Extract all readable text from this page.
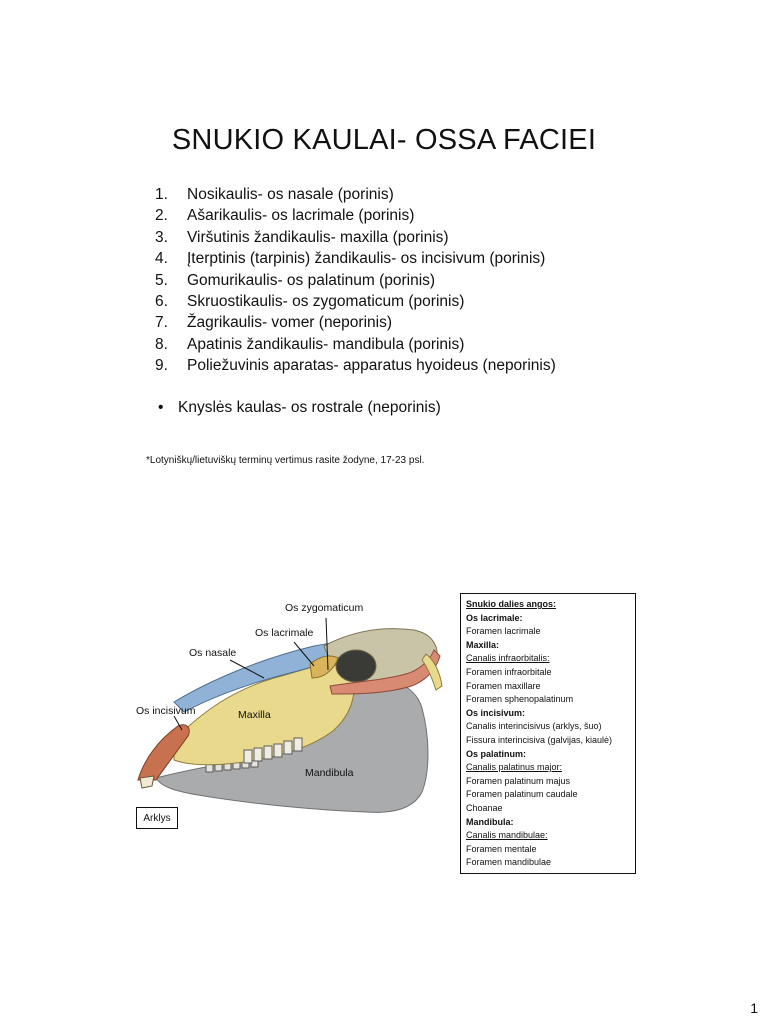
SNUKIO KAULAI- OSSA FACIEI
1.	Nosikaulis- os nasale (porinis)
2.	Ašarikaulis- os lacrimale (porinis)
3.	Viršutinis žandikaulis- maxilla (porinis)
4.	Įterptinis (tarpinis) žandikaulis- os incisivum (porinis)
5.	Gomurikaulis- os palatinum (porinis)
6.	Skruostikaulis- os zygomaticum (porinis)
7.	Žagrikaulis- vomer (neporinis)
8.	Apatinis žandikaulis- mandibula (porinis)
9.	Poliežuvinis aparatas- apparatus hyoideus (neporinis)
• Knyslės kaulas- os rostrale (neporinis)
*Lotyniškų/lietuviškų terminų vertimus rasite žodyne, 17-23 psl.
Os zygomaticum
Os lacrimale
Os nasale
Os incisivum	Maxilla
Mandibula
Arklys
Snukio dalies angos:
Os lacrimale:
Foramen lacrimale
Maxilla:
Canalis infraorbitalis:
Foramen infraorbitale
Foramen maxillare
Foramen sphenopalatinum
Os incisivum:
Canalis interincisivus (arklys, šuo)
Fissura interincisiva (galvijas, kiaulė)
Os palatinum:
Canalis palatinus major:
Foramen palatinum majus
Foramen palatinum caudale
Choanae
Mandibula:
Canalis mandibulae:
Foramen mentale
Foramen mandibulae
1
